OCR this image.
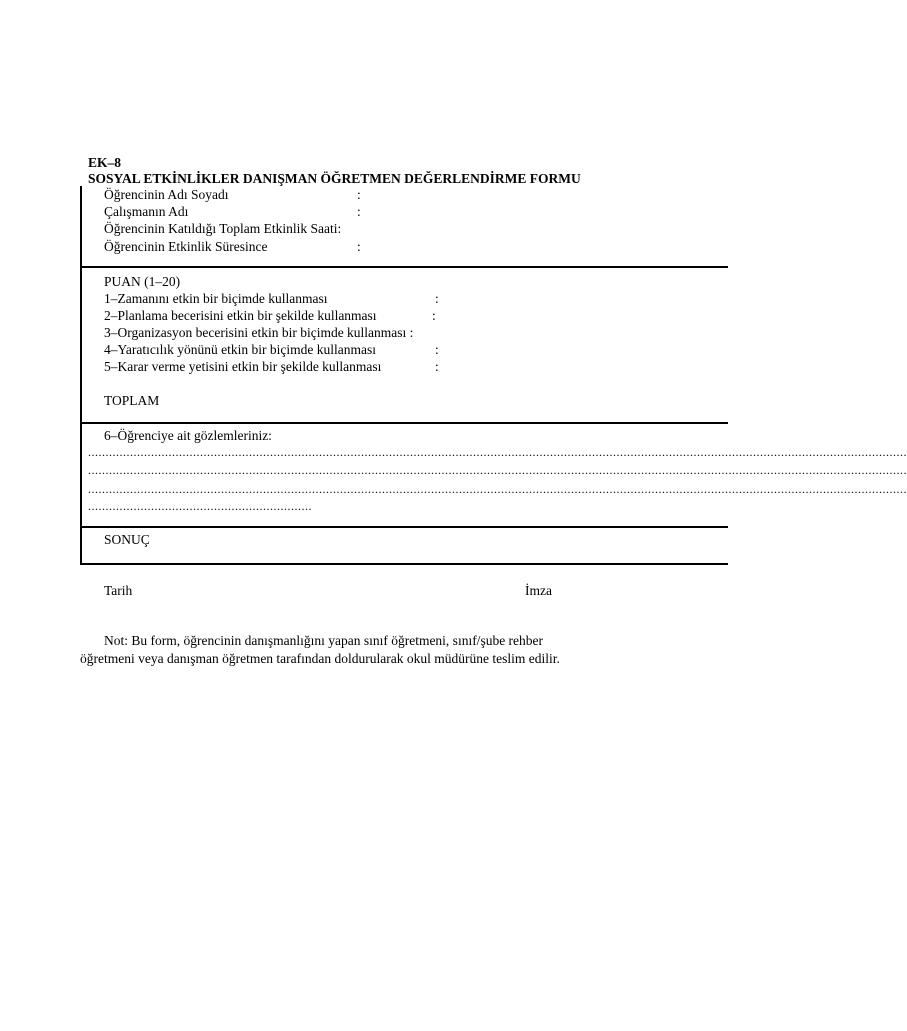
EK–8
SOSYAL ETKİNLİKLER DANIŞMAN ÖĞRETMEN DEĞERLENDİRME FORMU
Öğrencinin Adı Soyadı	:
Çalışmanın Adı	:
Öğrencinin Katıldığı Toplam Etkinlik Saati:
Öğrencinin Etkinlik Süresince	:
PUAN (1–20)
1–Zamanını etkin bir biçimde kullanması	:
2–Planlama becerisini etkin bir şekilde kullanması	:
3–Organizasyon becerisini etkin bir biçimde kullanması :
4–Yaratıcılık yönünü etkin bir biçimde kullanması	:
5–Karar verme yetisini etkin bir şekilde kullanması	:
TOPLAM
6–Öğrenciye ait gözlemleriniz:
..........................................................................................................................................................................................................................................
..........................................................................................................................................................................................................................................
..........................................................................................................................................................................................................................................
................................................................
SONUÇ
Tarih	İmza
Not: Bu form, öğrencinin danışmanlığını yapan sınıf öğretmeni, sınıf/şube rehber
öğretmeni veya danışman öğretmen tarafından doldurularak okul müdürüne teslim edilir.
